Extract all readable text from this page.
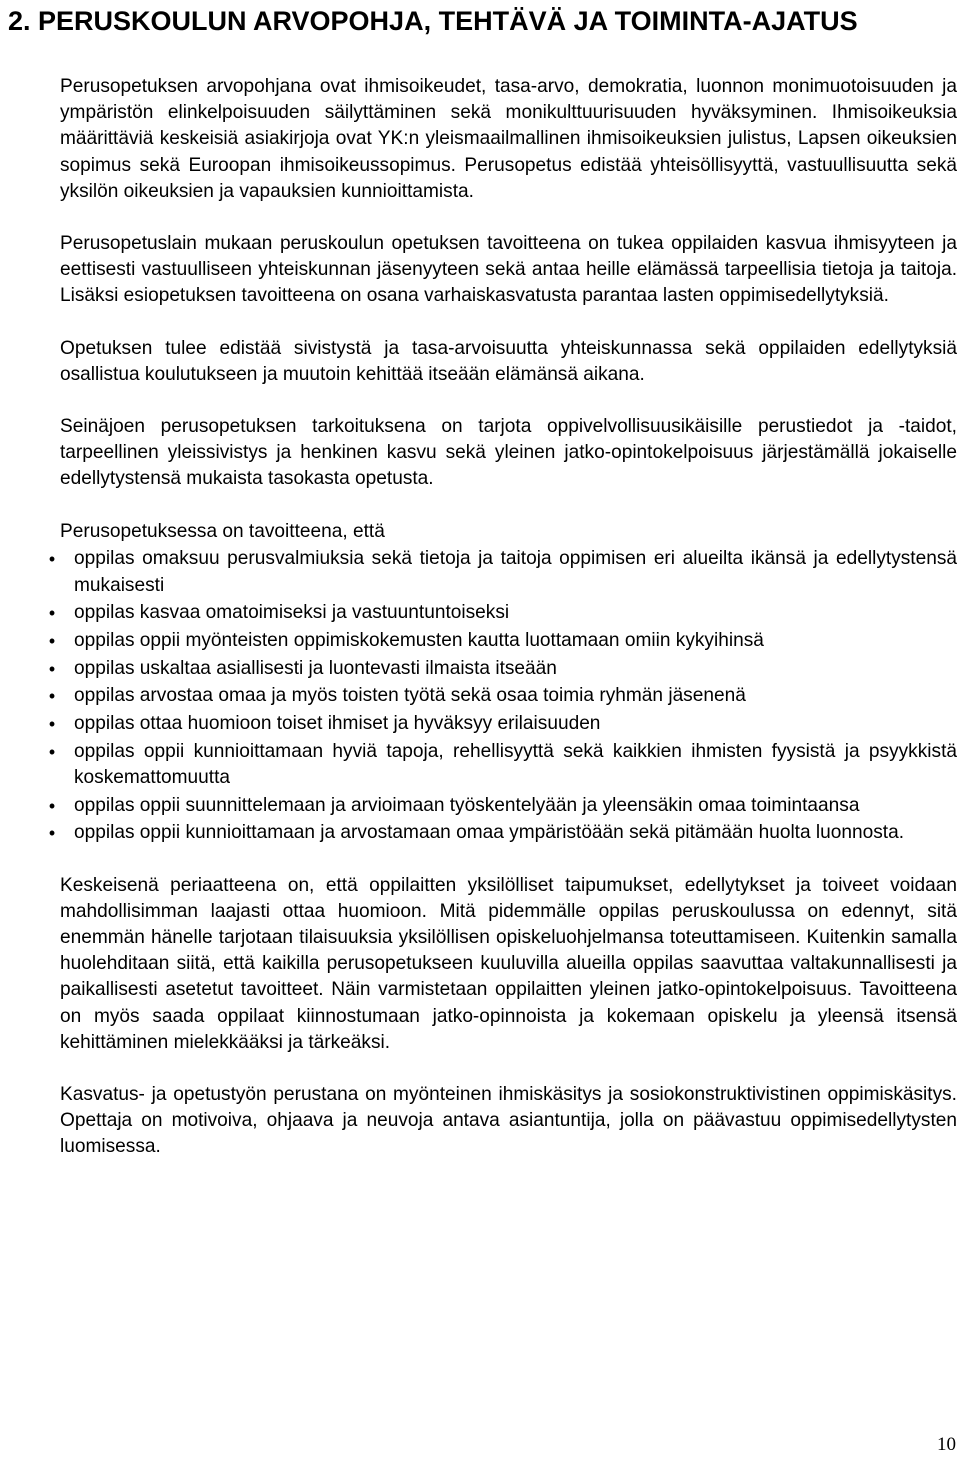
2. PERUSKOULUN ARVOPOHJA, TEHTÄVÄ JA TOIMINTA-AJATUS

Perusopetuksen arvopohjana ovat ihmisoikeudet, tasa-arvo, demokratia, luonnon monimuotoisuuden ja ympäristön elinkelpoisuuden säilyttäminen sekä monikulttuurisuuden hyväksyminen. Ihmisoikeuksia määrittäviä keskeisiä asiakirjoja ovat YK:n yleismaailmallinen ihmisoikeuksien julistus, Lapsen oikeuksien sopimus sekä Euroopan ihmisoikeussopimus. Perusopetus edistää yhteisöllisyyttä, vastuullisuutta sekä yksilön oikeuksien ja vapauksien kunnioittamista.

Perusopetuslain mukaan peruskoulun opetuksen tavoitteena on tukea oppilaiden kasvua ihmisyyteen ja eettisesti vastuulliseen yhteiskunnan jäsenyyteen sekä antaa heille elämässä tarpeellisia tietoja ja taitoja. Lisäksi esiopetuksen tavoitteena on osana varhaiskasvatusta parantaa lasten oppimisedellytyksiä.

Opetuksen tulee edistää sivistystä ja tasa-arvoisuutta yhteiskunnassa sekä oppilaiden edellytyksiä osallistua koulutukseen ja muutoin kehittää itseään elämänsä aikana.

Seinäjoen perusopetuksen tarkoituksena on tarjota oppivelvollisuusikäisille perustiedot ja -taidot, tarpeellinen yleissivistys ja henkinen kasvu sekä yleinen jatko-opintokelpoisuus järjestämällä jokaiselle edellytystensä mukaista tasokasta opetusta.

Perusopetuksessa on tavoitteena, että

• oppilas omaksuu perusvalmiuksia sekä tietoja ja taitoja oppimisen eri alueilta ikänsä ja edellytystensä mukaisesti
• oppilas kasvaa omatoimiseksi ja vastuuntuntoiseksi
• oppilas oppii myönteisten oppimiskokemusten kautta luottamaan omiin kykyihinsä
• oppilas uskaltaa asiallisesti ja luontevasti ilmaista itseään
• oppilas arvostaa omaa ja myös toisten työtä sekä osaa toimia ryhmän jäsenenä
• oppilas ottaa huomioon toiset ihmiset ja hyväksyy erilaisuuden
• oppilas oppii kunnioittamaan hyviä tapoja, rehellisyyttä sekä kaikkien ihmisten fyysistä ja psyykkistä koskemattomuutta
• oppilas oppii suunnittelemaan ja arvioimaan työskentelyään ja yleensäkin omaa toimintaansa
• oppilas oppii kunnioittamaan ja arvostamaan omaa ympäristöään sekä pitämään huolta luonnosta.

Keskeisenä periaatteena on, että oppilaitten yksilölliset taipumukset, edellytykset ja toiveet voidaan mahdollisimman laajasti ottaa huomioon. Mitä pidemmälle oppilas peruskoulussa on edennyt, sitä enemmän hänelle tarjotaan tilaisuuksia yksilöllisen opiskeluohjelmansa toteuttamiseen. Kuitenkin samalla huolehditaan siitä, että kaikilla perusopetukseen kuuluvilla alueilla oppilas saavuttaa valtakunnallisesti ja paikallisesti asetetut tavoitteet. Näin varmistetaan oppilaitten yleinen jatko-opintokelpoisuus. Tavoitteena on myös saada oppilaat kiinnostumaan jatko-opinnoista ja kokemaan opiskelu ja yleensä itsensä kehittäminen mielekkääksi ja tärkeäksi.

Kasvatus- ja opetustyön perustana on myönteinen ihmiskäsitys ja sosiokonstruktivistinen oppimiskäsitys. Opettaja on motivoiva, ohjaava ja neuvoja antava asiantuntija, jolla on päävastuu oppimisedellytysten luomisessa.

10
